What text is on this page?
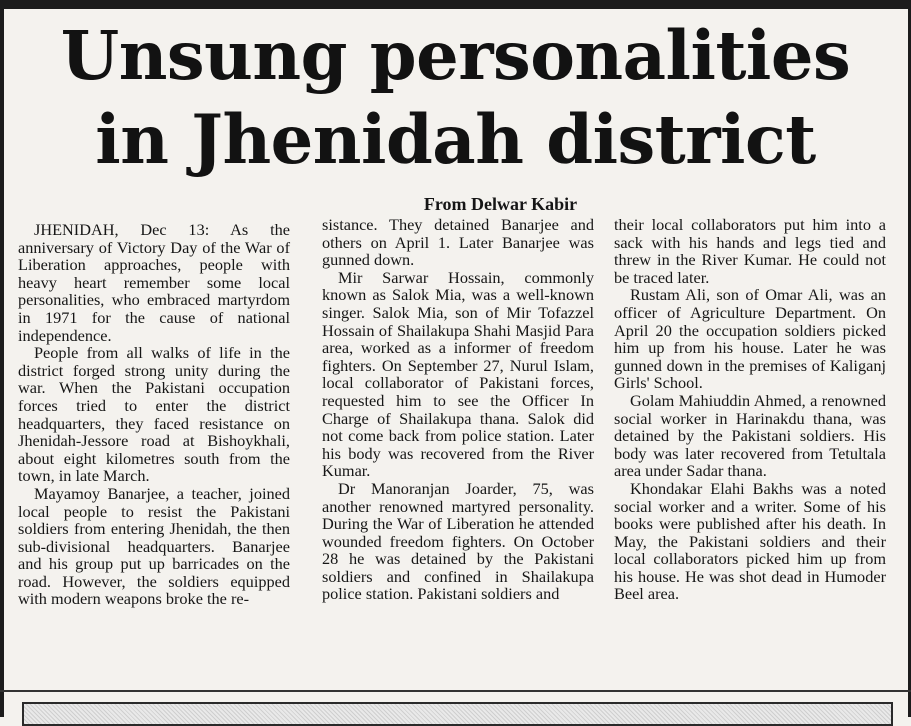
Unsung personalities
in Jhenidah district
From Delwar Kabir

JHENIDAH, Dec 13: As the anniversary of Victory Day of the War of Liberation approaches, people with heavy heart remember some local personalities, who embraced martyrdom in 1971 for the cause of national independence.

People from all walks of life in the district forged strong unity during the war. When the Pakistani occupation forces tried to enter the district headquarters, they faced resistance on Jhenidah-Jessore road at Bishoykhali, about eight kilometres south from the town, in late March.

Mayamoy Banarjee, a teacher, joined local people to resist the Pakistani soldiers from entering Jhenidah, the then sub-divisional headquarters. Banarjee and his group put up barricades on the road. However, the soldiers equipped with modern weapons broke the re-

sistance. They detained Banarjee and others on April 1. Later Banarjee was gunned down.

Mir Sarwar Hossain, commonly known as Salok Mia, was a well-known singer. Salok Mia, son of Mir Tofazzel Hossain of Shailakupa Shahi Masjid Para area, worked as a informer of freedom fighters. On September 27, Nurul Islam, local collaborator of Pakistani forces, requested him to see the Officer In Charge of Shailakupa thana. Salok did not come back from police station. Later his body was recovered from the River Kumar.

Dr Manoranjan Joarder, 75, was another renowned martyred personality. During the War of Liberation he attended wounded freedom fighters. On October 28 he was detained by the Pakistani soldiers and confined in Shailakupa police station. Pakistani soldiers and

their local collaborators put him into a sack with his hands and legs tied and threw in the River Kumar. He could not be traced later.

Rustam Ali, son of Omar Ali, was an officer of Agriculture Department. On April 20 the occupation soldiers picked him up from his house. Later he was gunned down in the premises of Kaliganj Girls' School.

Golam Mahiuddin Ahmed, a renowned social worker in Harinakdu thana, was detained by the Pakistani soldiers. His body was later recovered from Tetultala area under Sadar thana.

Khondakar Elahi Bakhs was a noted social worker and a writer. Some of his books were published after his death. In May, the Pakistani soldiers and their local collaborators picked him up from his house. He was shot dead in Humoder Beel area.
